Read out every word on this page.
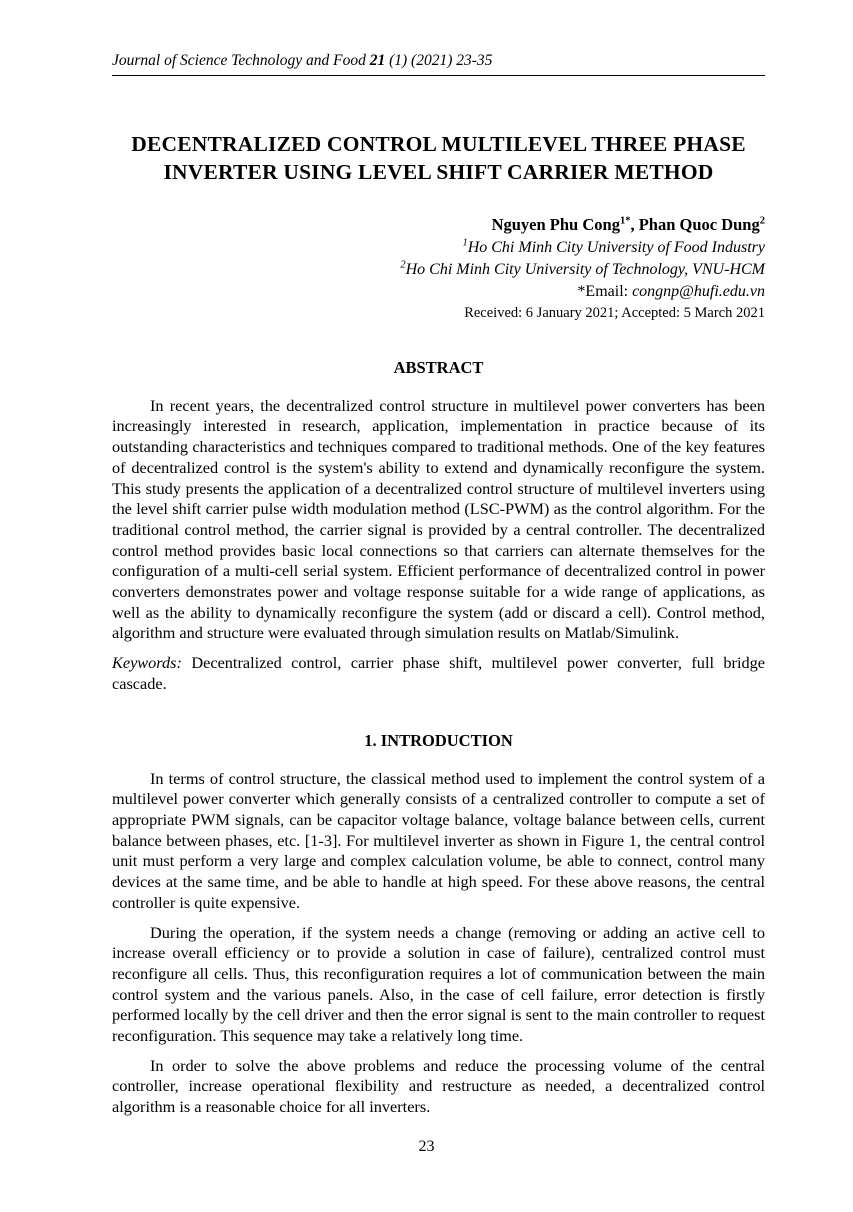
Journal of Science Technology and Food 21 (1) (2021) 23-35
DECENTRALIZED CONTROL MULTILEVEL THREE PHASE INVERTER USING LEVEL SHIFT CARRIER METHOD
Nguyen Phu Cong$^{1*}$, Phan Quoc Dung$^2$
$^1$Ho Chi Minh City University of Food Industry
$^2$Ho Chi Minh City University of Technology, VNU-HCM
*Email: congnp@hufi.edu.vn
Received: 6 January 2021; Accepted: 5 March 2021
ABSTRACT

In recent years, the decentralized control structure in multilevel power converters has been increasingly interested in research, application, implementation in practice because of its outstanding characteristics and techniques compared to traditional methods. One of the key features of decentralized control is the system's ability to extend and dynamically reconfigure the system. This study presents the application of a decentralized control structure of multilevel inverters using the level shift carrier pulse width modulation method (LSC-PWM) as the control algorithm. For the traditional control method, the carrier signal is provided by a central controller. The decentralized control method provides basic local connections so that carriers can alternate themselves for the configuration of a multi-cell serial system. Efficient performance of decentralized control in power converters demonstrates power and voltage response suitable for a wide range of applications, as well as the ability to dynamically reconfigure the system (add or discard a cell). Control method, algorithm and structure were evaluated through simulation results on Matlab/Simulink.

Keywords: Decentralized control, carrier phase shift, multilevel power converter, full bridge cascade.

1. INTRODUCTION

In terms of control structure, the classical method used to implement the control system of a multilevel power converter which generally consists of a centralized controller to compute a set of appropriate PWM signals, can be capacitor voltage balance, voltage balance between cells, current balance between phases, etc. [1-3]. For multilevel inverter as shown in Figure 1, the central control unit must perform a very large and complex calculation volume, be able to connect, control many devices at the same time, and be able to handle at high speed. For these above reasons, the central controller is quite expensive.

During the operation, if the system needs a change (removing or adding an active cell to increase overall efficiency or to provide a solution in case of failure), centralized control must reconfigure all cells. Thus, this reconfiguration requires a lot of communication between the main control system and the various panels. Also, in the case of cell failure, error detection is firstly performed locally by the cell driver and then the error signal is sent to the main controller to request reconfiguration. This sequence may take a relatively long time.

In order to solve the above problems and reduce the processing volume of the central controller, increase operational flexibility and restructure as needed, a decentralized control algorithm is a reasonable choice for all inverters.

23
